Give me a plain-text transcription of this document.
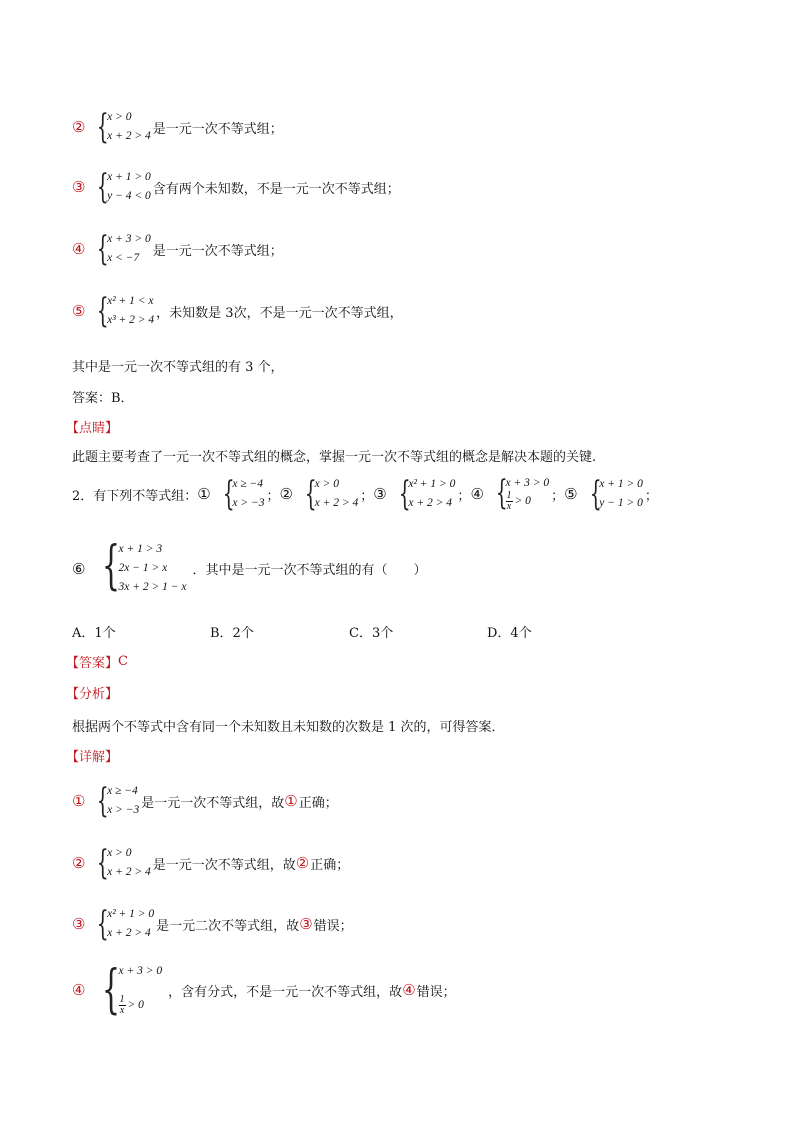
② {
x > 0
x + 2 > 4 是一元一次不等式组；
③ {
x + 1 > 0
y − 4 < 0 含有两个未知数，不是一元一次不等式组；
④ {
x + 3 > 0
x < −7	是一元一次不等式组；
⑤ {
x² + 1 < x
x³ + 2 > 4 ，未知数是 3次，不是一元一次不等式组，
其中是一元一次不等式组的有 3 个，
答案：B．
【点睛】
此题主要考查了一元一次不等式组的概念，掌握一元一次不等式组的概念是解决本题的关键.
2．有下列不等式组： ① {
x ≥ −4
x > −3 ； ② {
x > 0
x + 2 > 4 ； ③ {
x² + 1 > 0
x + 2 > 4 ； ④ {
x + 3 > 0
$\frac{1}{x} > 0$	； ⑤ {
x + 1 > 0
y − 1 > 0 ；
⑥ {
x + 1 > 3
2x − 1 > x
3x + 2 > 1 − x
．其中是一元一次不等式组的有（　　）
A．1个	B．2个	C．3个	D．4个
【答案】 C
【分析】
根据两个不等式中含有同一个未知数且未知数的次数是 1 次的，可得答案．
【详解】
① {
x ≥ −4
x > −3 是一元一次不等式组，故 ① 正确；
② {
x > 0
x + 2 > 4 是一元一次不等式组，故 ② 正确；
③ {
x² + 1 > 0
x + 2 > 4 是一元二次不等式组，故 ③ 错误；
④ {
x + 3 > 0
$\frac{1}{x} > 0$
，含有分式，不是一元一次不等式组，故 ④ 错误；
